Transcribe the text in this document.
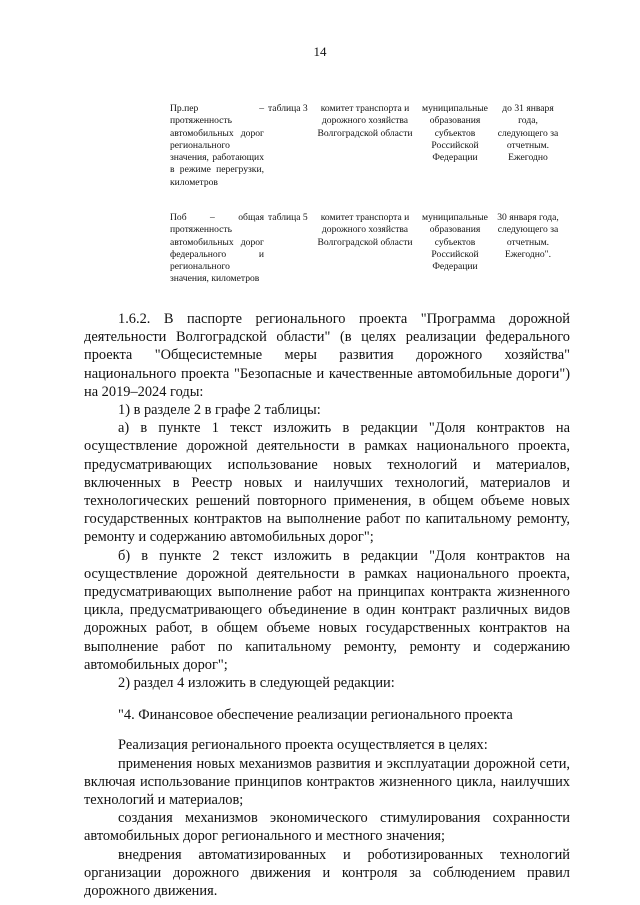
14
Пр.пер – протяженность автомобильных дорог регионального значения, работающих в режиме перегрузки, километров
таблица 3	комитет транспорта и дорожного хозяйства Волгоградской области
муниципальные образования субъектов Российской Федерации
до 31 января года, следующего за отчетным. Ежегодно
Поб – общая протяженность автомобильных дорог федерального и регионального значения, километров
таблица 5	комитет транспорта и дорожного хозяйства Волгоградской области
муниципальные образования субъектов Российской Федерации
30 января года, следующего за отчетным. Ежегодно".

1.6.2. В паспорте регионального проекта "Программа дорожной деятельности Волгоградской области" (в целях реализации федерального проекта "Общесистемные меры развития дорожного хозяйства" национального проекта "Безопасные и качественные автомобильные дороги") на 2019–2024 годы:

1) в разделе 2 в графе 2 таблицы:

а) в пункте 1 текст изложить в редакции "Доля контрактов на осуществление дорожной деятельности в рамках национального проекта, предусматривающих использование новых технологий и материалов, включенных в Реестр новых и наилучших технологий, материалов и технологических решений повторного применения, в общем объеме новых государственных контрактов на выполнение работ по капитальному ремонту, ремонту и содержанию автомобильных дорог";

б) в пункте 2 текст изложить в редакции "Доля контрактов на осуществление дорожной деятельности в рамках национального проекта, предусматривающих выполнение работ на принципах контракта жизненного цикла, предусматривающего объединение в один контракт различных видов дорожных работ, в общем объеме новых государственных контрактов на выполнение работ по капитальному ремонту, ремонту и содержанию автомобильных дорог";

2) раздел 4 изложить в следующей редакции:

"4. Финансовое обеспечение реализации регионального проекта

Реализация регионального проекта осуществляется в целях:

применения новых механизмов развития и эксплуатации дорожной сети, включая использование принципов контрактов жизненного цикла, наилучших технологий и материалов;

создания механизмов экономического стимулирования сохранности автомобильных дорог регионального и местного значения;

внедрения автоматизированных и роботизированных технологий организации дорожного движения и контроля за соблюдением правил дорожного движения.
